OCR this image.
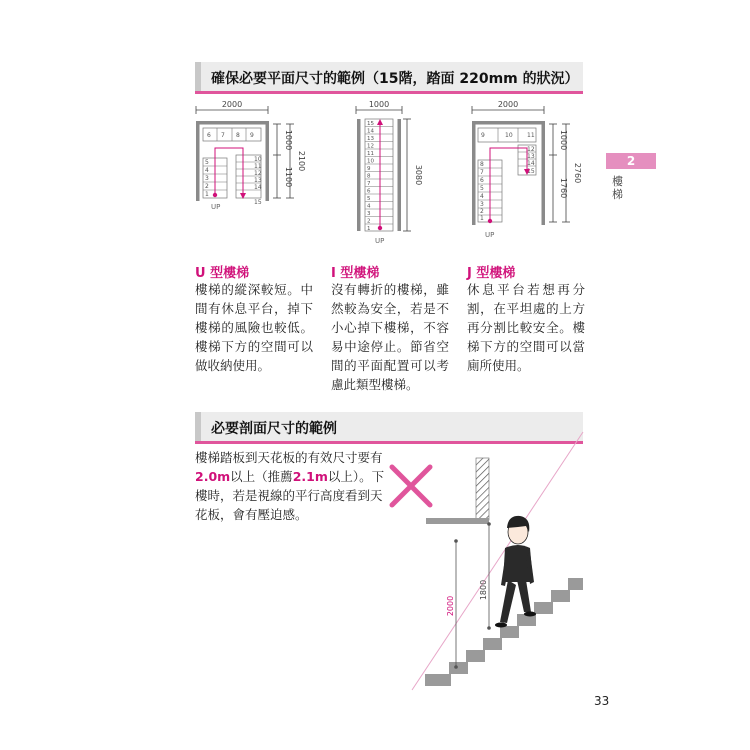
確保必要平面尺寸的範例（15階，踏面 220mm 的狀況）
必要剖面尺寸的範例
2000
6 7 8 9
5
4
3
2
1
10
11
12
13
14
15
UP
1000
1100
2100
1000
15
14
13
12
11
10
9
8
7
6
5
4
3
2
1
UP
3080
2000
9	10 11
12
13
14
15
8
7
6
5
4
3
2
1
UP
1000
1760
2760
2000
1800
U 型樓梯
樓梯的縱深較短。中間有休息平台，掉下樓梯的風險也較低。樓梯下方的空間可以做收納使用。
I 型樓梯
沒有轉折的樓梯，雖然較為安全，若是不小心掉下樓梯，不容易中途停止。節省空間的平面配置可以考慮此類型樓梯。
J 型樓梯
休息平台若想再分割，在平坦處的上方再分割比較安全。樓梯下方的空間可以當廁所使用。
樓梯踏板到天花板的有效尺寸要有2.0m以上（推薦2.1m以上）。下樓時，若是視線的平行高度看到天花板，會有壓迫感。
2
樓梯
33
